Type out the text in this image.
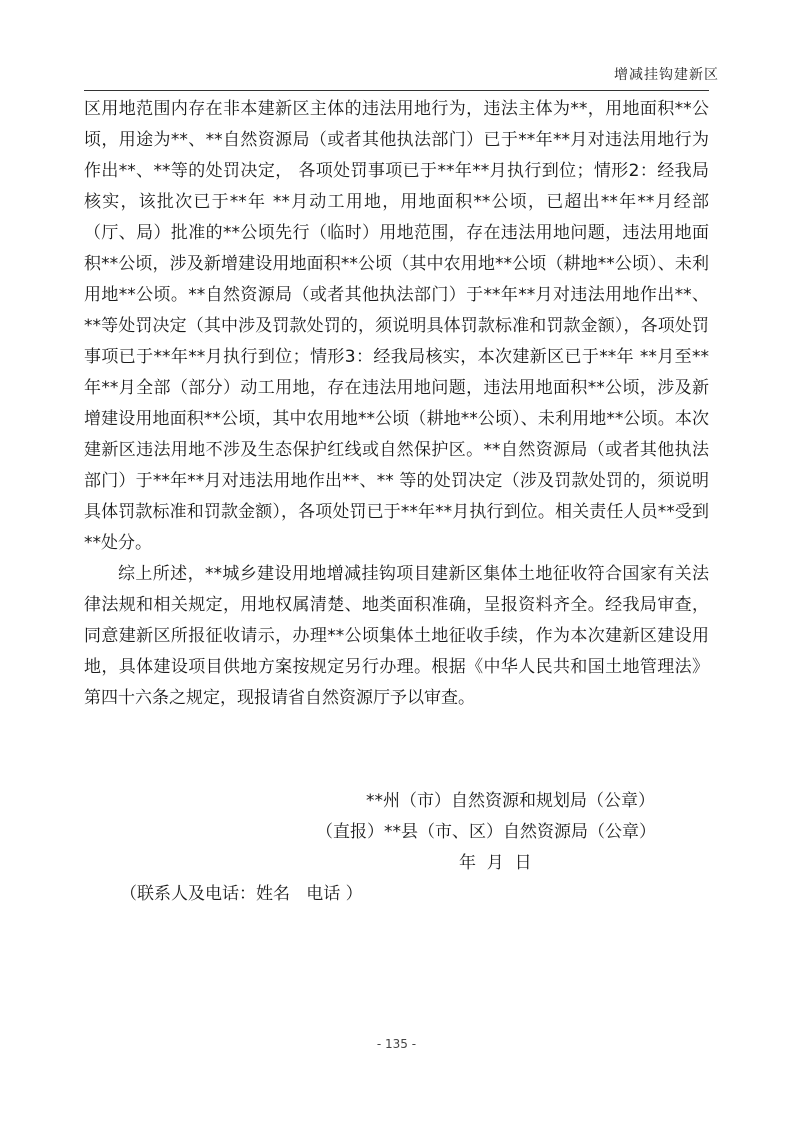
增减挂钩建新区

区用地范围内存在非本建新区主体的违法用地行为，违法主体为**，用地面积**公顷，用途为**、**自然资源局（或者其他执法部门）已于**年**月对违法用地行为作出**、**等的处罚决定， 各项处罚事项已于**年**月执行到位；情形2：经我局核实，该批次已于**年 **月动工用地，用地面积**公顷，已超出**年**月经部（厅、局）批准的**公顷先行（临时）用地范围，存在违法用地问题，违法用地面积**公顷，涉及新增建设用地面积**公顷（其中农用地**公顷（耕地**公顷）、未利用地**公顷。**自然资源局（或者其他执法部门）于**年**月对违法用地作出**、**等处罚决定（其中涉及罚款处罚的，须说明具体罚款标准和罚款金额），各项处罚事项已于**年**月执行到位；情形3：经我局核实，本次建新区已于**年 **月至**年**月全部（部分）动工用地，存在违法用地问题，违法用地面积**公顷，涉及新增建设用地面积**公顷，其中农用地**公顷（耕地**公顷）、未利用地**公顷。本次建新区违法用地不涉及生态保护红线或自然保护区。**自然资源局（或者其他执法部门）于**年**月对违法用地作出**、** 等的处罚决定（涉及罚款处罚的，须说明具体罚款标准和罚款金额），各项处罚已于**年**月执行到位。相关责任人员**受到**处分。

综上所述，**城乡建设用地增减挂钩项目建新区集体土地征收符合国家有关法律法规和相关规定，用地权属清楚、地类面积准确，呈报资料齐全。经我局审查，同意建新区所报征收请示，办理**公顷集体土地征收手续，作为本次建新区建设用地，具体建设项目供地方案按规定另行办理。根据《中华人民共和国土地管理法》第四十六条之规定，现报请省自然资源厅予以审查。

**州（市）自然资源和规划局（公章）
（直报）**县（市、区）自然资源局（公章）
年  月  日
（联系人及电话：姓名   电话 ）
- 135 -
